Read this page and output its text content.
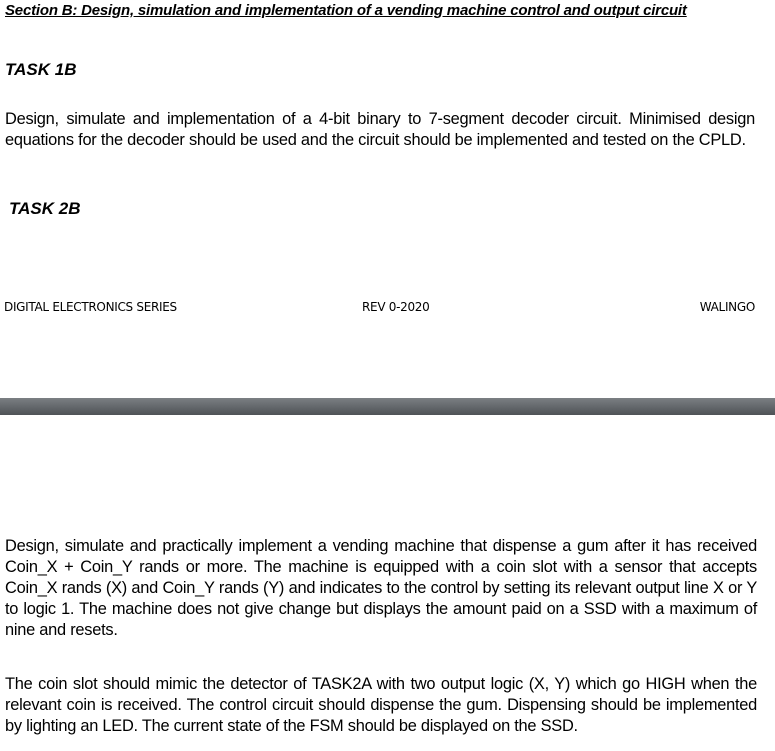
Section B: Design, simulation and implementation of a vending machine control and output circuit
TASK 1B
Design, simulate and implementation of a 4-bit binary to 7-segment decoder circuit. Minimised design equations for the decoder should be used and the circuit should be implemented and tested on the CPLD.
TASK 2B
DIGITAL ELECTRONICS SERIES	REV 0-2020	WALINGO
Design, simulate and practically implement a vending machine that dispense a gum after it has received Coin_X + Coin_Y rands or more. The machine is equipped with a coin slot with a sensor that accepts Coin_X rands (X) and Coin_Y rands (Y) and indicates to the control by setting its relevant output line X or Y to logic 1. The machine does not give change but displays the amount paid on a SSD with a maximum of nine and resets.
The coin slot should mimic the detector of TASK2A with two output logic (X, Y) which go HIGH when the relevant coin is received. The control circuit should dispense the gum. Dispensing should be implemented by lighting an LED. The current state of the FSM should be displayed on the SSD.
